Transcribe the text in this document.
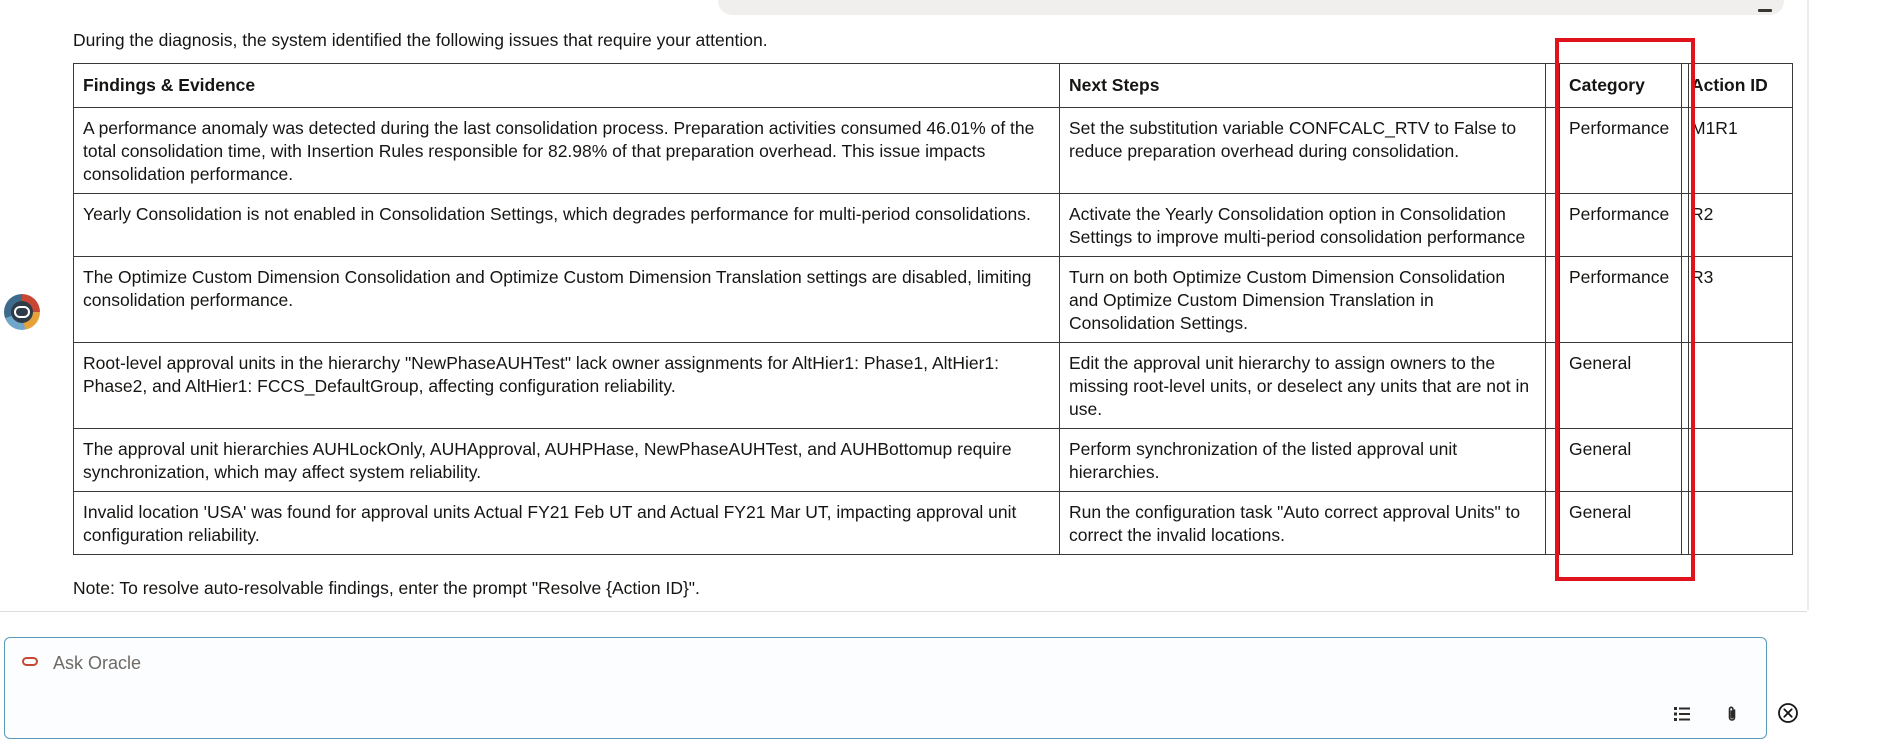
During the diagnosis, the system identified the following issues that require your attention.
Findings & Evidence	Next Steps		Category		Action ID
A performance anomaly was detected during the last consolidation process. Preparation activities consumed 46.01% of the total consolidation time, with Insertion Rules responsible for 82.98% of that preparation overhead. This issue impacts consolidation performance.	Set the substitution variable CONFCALC_RTV to False to reduce preparation overhead during consolidation.		Performance		M1R1
Yearly Consolidation is not enabled in Consolidation Settings, which degrades performance for multi-period consolidations.	Activate the Yearly Consolidation option in Consolidation Settings to improve multi-period consolidation performance		Performance		R2
The Optimize Custom Dimension Consolidation and Optimize Custom Dimension Translation settings are disabled, limiting consolidation performance.	Turn on both Optimize Custom Dimension Consolidation and Optimize Custom Dimension Translation in Consolidation Settings.		Performance		R3
Root-level approval units in the hierarchy "NewPhaseAUHTest" lack owner assignments for AltHier1: Phase1, AltHier1: Phase2, and AltHier1: FCCS_DefaultGroup, affecting configuration reliability.	Edit the approval unit hierarchy to assign owners to the missing root-level units, or deselect any units that are not in use.		General		
The approval unit hierarchies AUHLockOnly, AUHApproval, AUHPHase, NewPhaseAUHTest, and AUHBottomup require synchronization, which may affect system reliability.	Perform synchronization of the listed approval unit hierarchies.		General		
Invalid location 'USA' was found for approval units Actual FY21 Feb UT and Actual FY21 Mar UT, impacting approval unit configuration reliability.	Run the configuration task "Auto correct approval Units" to correct the invalid locations.		General		
Note: To resolve auto-resolvable findings, enter the prompt "Resolve {Action ID}".
Ask Oracle
